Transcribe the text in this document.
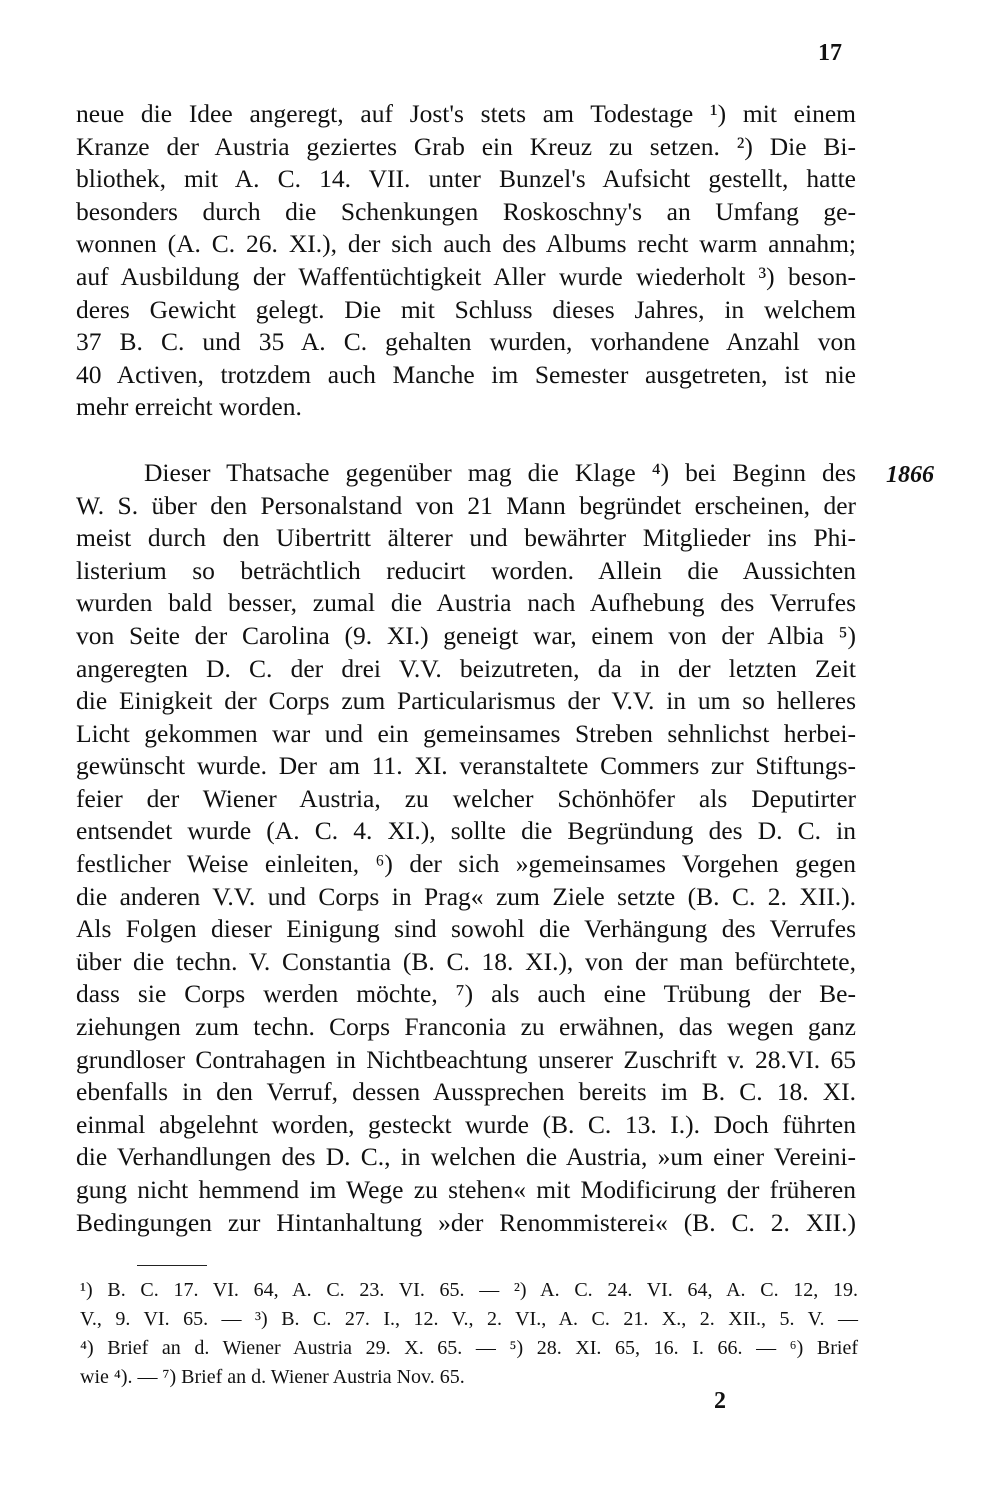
17
1866
neue die Idee angeregt, auf Jost's stets am Todestage ¹) mit einem
Kranze der Austria geziertes Grab ein Kreuz zu setzen. ²) Die Bi-
bliothek, mit A. C. 14. VII. unter Bunzel's Aufsicht gestellt, hatte
besonders durch die Schenkungen Roskoschny's an Umfang ge-
wonnen (A. C. 26. XI.), der sich auch des Albums recht warm annahm;
auf Ausbildung der Waffentüchtigkeit Aller wurde wiederholt ³) beson-
deres Gewicht gelegt. Die mit Schluss dieses Jahres, in welchem
37 B. C. und 35 A. C. gehalten wurden, vorhandene Anzahl von
40 Activen, trotzdem auch Manche im Semester ausgetreten, ist nie
mehr erreicht worden.
Dieser Thatsache gegenüber mag die Klage ⁴) bei Beginn des
W. S. über den Personalstand von 21 Mann begründet erscheinen, der
meist durch den Uibertritt älterer und bewährter Mitglieder ins Phi-
listerium so beträchtlich reducirt worden. Allein die Aussichten
wurden bald besser, zumal die Austria nach Aufhebung des Verrufes
von Seite der Carolina (9. XI.) geneigt war, einem von der Albia ⁵)
angeregten D. C. der drei V.V. beizutreten, da in der letzten Zeit
die Einigkeit der Corps zum Particularismus der V.V. in um so helleres
Licht gekommen war und ein gemeinsames Streben sehnlichst herbei-
gewünscht wurde. Der am 11. XI. veranstaltete Commers zur Stiftungs-
feier der Wiener Austria, zu welcher Schönhöfer als Deputirter
entsendet wurde (A. C. 4. XI.), sollte die Begründung des D. C. in
festlicher Weise einleiten, ⁶) der sich »gemeinsames Vorgehen gegen
die anderen V.V. und Corps in Prag« zum Ziele setzte (B. C. 2. XII.).
Als Folgen dieser Einigung sind sowohl die Verhängung des Verrufes
über die techn. V. Constantia (B. C. 18. XI.), von der man befürchtete,
dass sie Corps werden möchte, ⁷) als auch eine Trübung der Be-
ziehungen zum techn. Corps Franconia zu erwähnen, das wegen ganz
grundloser Contrahagen in Nichtbeachtung unserer Zuschrift v. 28.VI. 65
ebenfalls in den Verruf, dessen Aussprechen bereits im B. C. 18. XI.
einmal abgelehnt worden, gesteckt wurde (B. C. 13. I.). Doch führten
die Verhandlungen des D. C., in welchen die Austria, »um einer Vereini-
gung nicht hemmend im Wege zu stehen« mit Modificirung der früheren
Bedingungen zur Hintanhaltung »der Renommisterei« (B. C. 2. XII.)
¹) B. C. 17. VI. 64, A. C. 23. VI. 65. — ²) A. C. 24. VI. 64, A. C. 12, 19.
V., 9. VI. 65. — ³) B. C. 27. I., 12. V., 2. VI., A. C. 21. X., 2. XII., 5. V. —
⁴) Brief an d. Wiener Austria 29. X. 65. — ⁵) 28. XI. 65, 16. I. 66. — ⁶) Brief
wie ⁴). — ⁷) Brief an d. Wiener Austria Nov. 65.
2
